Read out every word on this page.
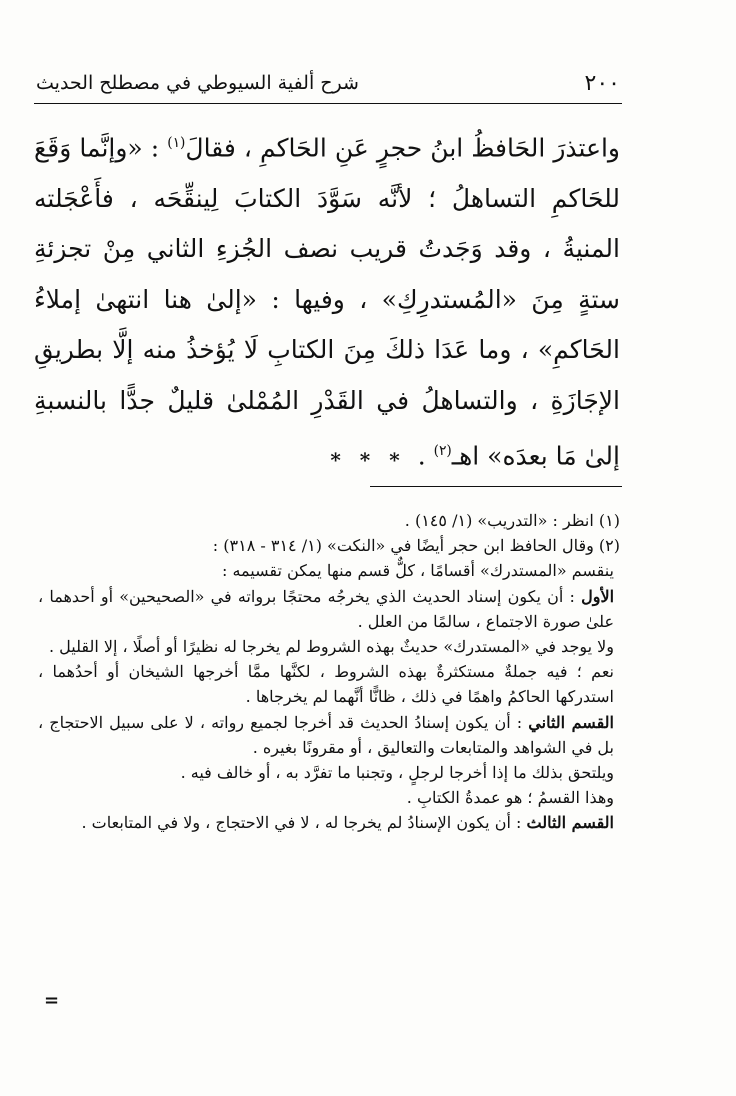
٢٠٠
شرح ألفية السيوطي في مصطلح الحديث

واعتذرَ الحَافظُ ابنُ حجرٍ عَنِ الحَاكمِ ، فقالَ$^{(١)}$ : «وإنَّما وَقَعَ للحَاكمِ التساهلُ ؛ لأنَّه سَوَّدَ الكتابَ لِينقِّحَه ، فأَعْجَلته المنيةُ ، وقد وَجَدتُ قريب نصف الجُزءِ الثاني مِنْ تجزئةِ ستةٍ مِنَ «المُستدرِكِ» ، وفيها : «إلىٰ هنا انتهىٰ إملاءُ الحَاكمِ» ، وما عَدَا ذلكَ مِنَ الكتابِ لَا يُؤخذُ منه إلَّا بطريقِ الإجَازَةِ ، والتساهلُ في القَدْرِ المُمْلىٰ قليلٌ جدًّا بالنسبةِ إلىٰ مَا بعدَه» اهـ$^{(٢)}$ .

* * *

(١) انظر : «التدريب» (١/ ١٤٥) .

(٢) وقال الحافظ ابن حجر أيضًا في «النكت» (١/ ٣١٤ - ٣١٨) :

ينقسم «المستدرك» أقسامًا ، كلٌّ قسم منها يمكن تقسيمه :

الأول : أن يكون إسناد الحديث الذي يخرجُه محتجًا برواته في «الصحيحين» أو أحدهما ، علىٰ صورة الاجتماع ، سالمًا من العلل .

ولا يوجد في «المستدرك» حديثٌ بهذه الشروط لم يخرجا له نظيرًا أو أصلًا ، إلا القليل .

نعم ؛ فيه جملةٌ مستكثرةٌ بهذه الشروط ، لكنَّها ممَّا أخرجها الشيخان أو أحدُهما ، استدركها الحاكمُ واهمًا في ذلك ، ظانًّا أنَّهما لم يخرجاها .

القسم الثاني : أن يكون إسنادُ الحديث قد أخرجا لجميع رواته ، لا على سبيل الاحتجاج ، بل في الشواهد والمتابعات والتعاليق ، أو مقرونًا بغيره .

ويلتحق بذلك ما إذا أخرجا لرجلٍ ، وتجنبا ما تفرَّد به ، أو خالف فيه .

وهذا القسمُ ؛ هو عمدةُ الكتابِ .

القسم الثالث : أن يكون الإسنادُ لم يخرجا له ، لا في الاحتجاج ، ولا في المتابعات .

=
